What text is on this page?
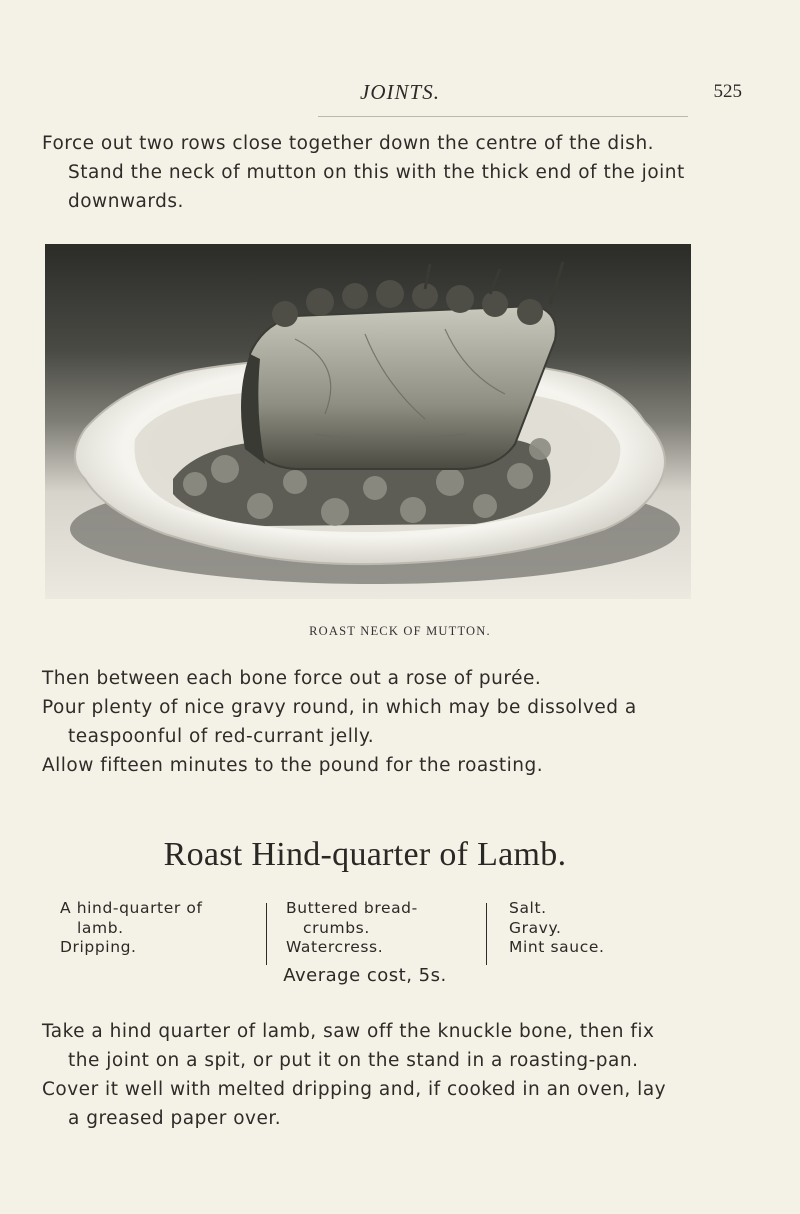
JOINTS.	525
Force out two rows close together down the centre of the dish.
Stand the neck of mutton on this with the thick end of the joint
downwards.
ROAST NECK OF MUTTON.
Then between each bone force out a rose of purée.
Pour plenty of nice gravy round, in which may be dissolved a
teaspoonful of red-currant jelly.
Allow fifteen minutes to the pound for the roasting.
Roast Hind-quarter of Lamb.
A hind-quarter of
lamb.
Dripping.
Buttered bread-
crumbs.
Watercress.
Salt.
Gravy.
Mint sauce.
Average cost, 5s.
Take a hind quarter of lamb, saw off the knuckle bone, then fix
the joint on a spit, or put it on the stand in a roasting-pan.
Cover it well with melted dripping and, if cooked in an oven, lay
a greased paper over.
